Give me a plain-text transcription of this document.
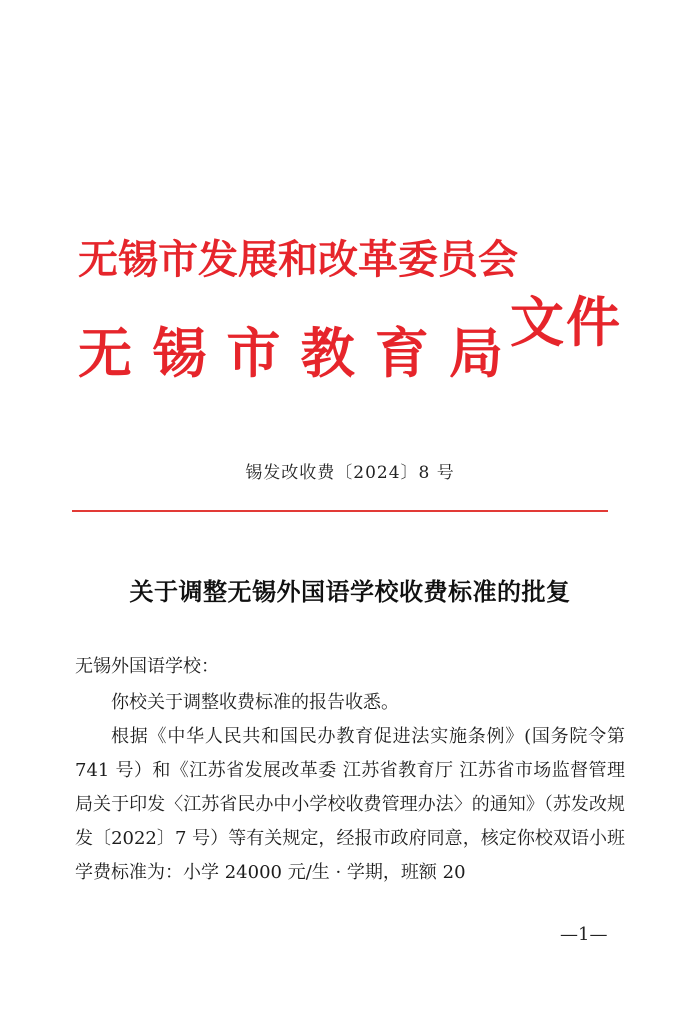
无锡市发展和改革委员会
无 锡 市 教 育 局 文件
锡发改收费〔2024〕8 号
关于调整无锡外国语学校收费标准的批复

无锡外国语学校：

你校关于调整收费标准的报告收悉。

根据《中华人民共和国民办教育促进法实施条例》(国务院令第 741 号）和《江苏省发展改革委 江苏省教育厅 江苏省市场监督管理局关于印发〈江苏省民办中小学校收费管理办法〉的通知》（苏发改规发〔2022〕7 号）等有关规定，经报市政府同意，核定你校双语小班学费标准为：小学 24000 元/生 · 学期，班额 20

—1—
